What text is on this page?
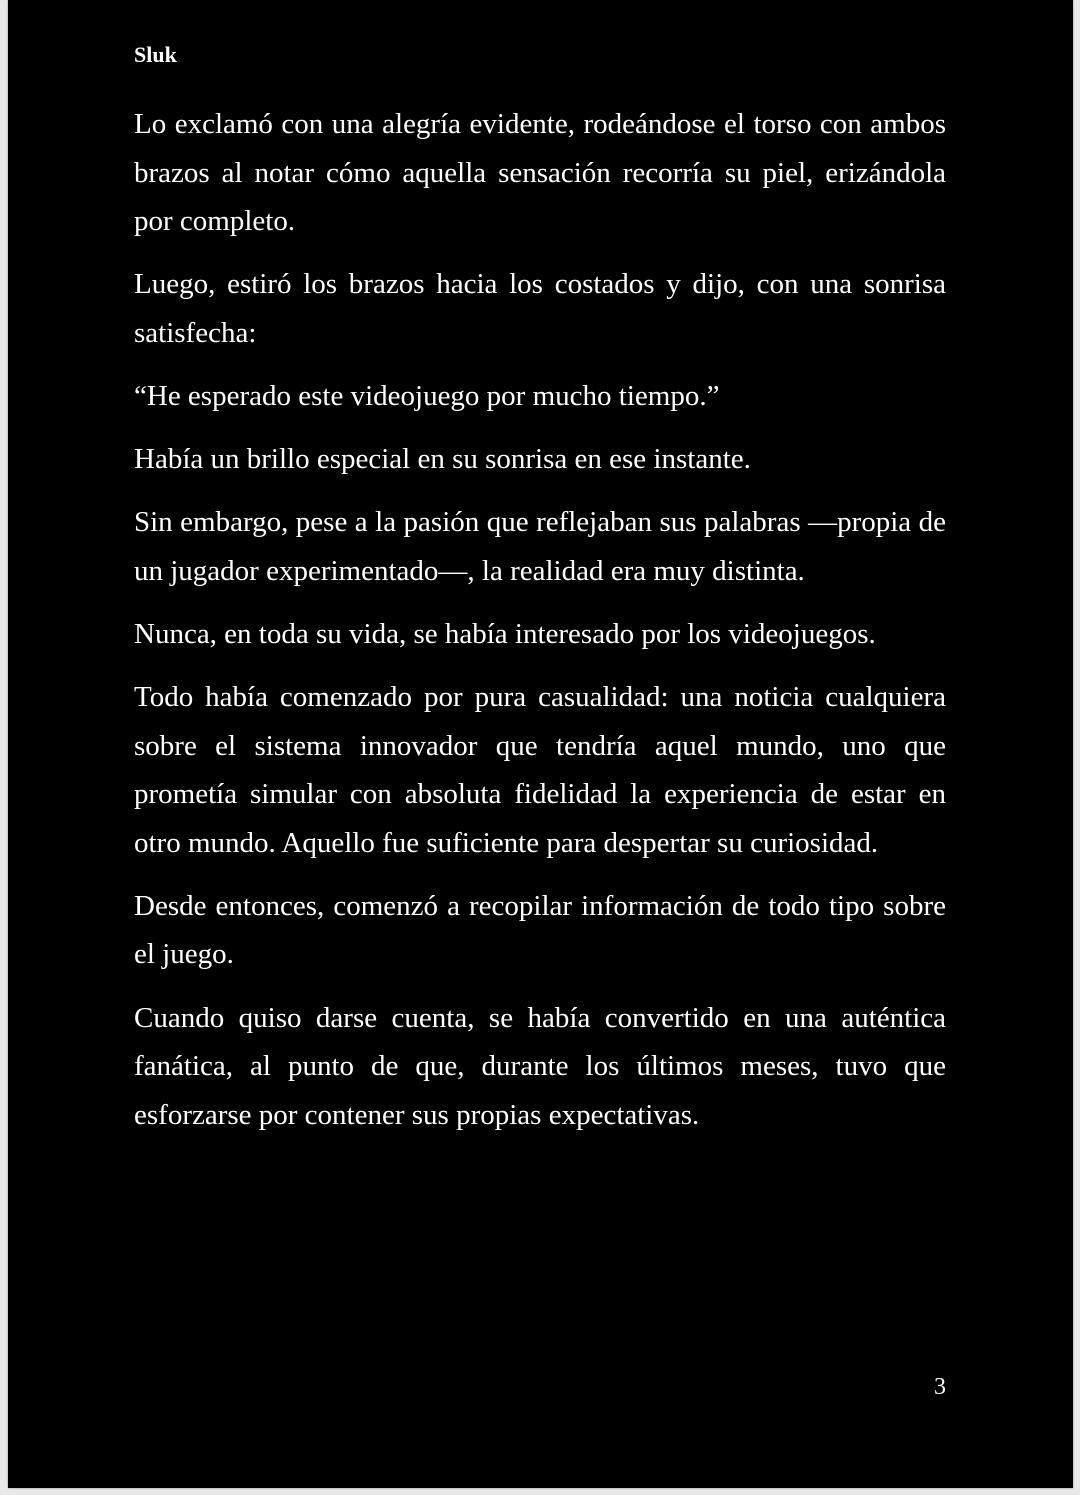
Sluk

Lo exclamó con una alegría evidente, rodeándose el torso con ambos brazos al notar cómo aquella sensación recorría su piel, erizándola por completo.

Luego, estiró los brazos hacia los costados y dijo, con una sonrisa satisfecha:

“He esperado este videojuego por mucho tiempo.”

Había un brillo especial en su sonrisa en ese instante.

Sin embargo, pese a la pasión que reflejaban sus palabras —propia de un jugador experimentado—, la realidad era muy distinta.

Nunca, en toda su vida, se había interesado por los videojuegos.

Todo había comenzado por pura casualidad: una noticia cualquiera sobre el sistema innovador que tendría aquel mundo, uno que prometía simular con absoluta fidelidad la experiencia de estar en otro mundo. Aquello fue suficiente para despertar su curiosidad.

Desde entonces, comenzó a recopilar información de todo tipo sobre el juego.

Cuando quiso darse cuenta, se había convertido en una auténtica fanática, al punto de que, durante los últimos meses, tuvo que esforzarse por contener sus propias expectativas.

3
